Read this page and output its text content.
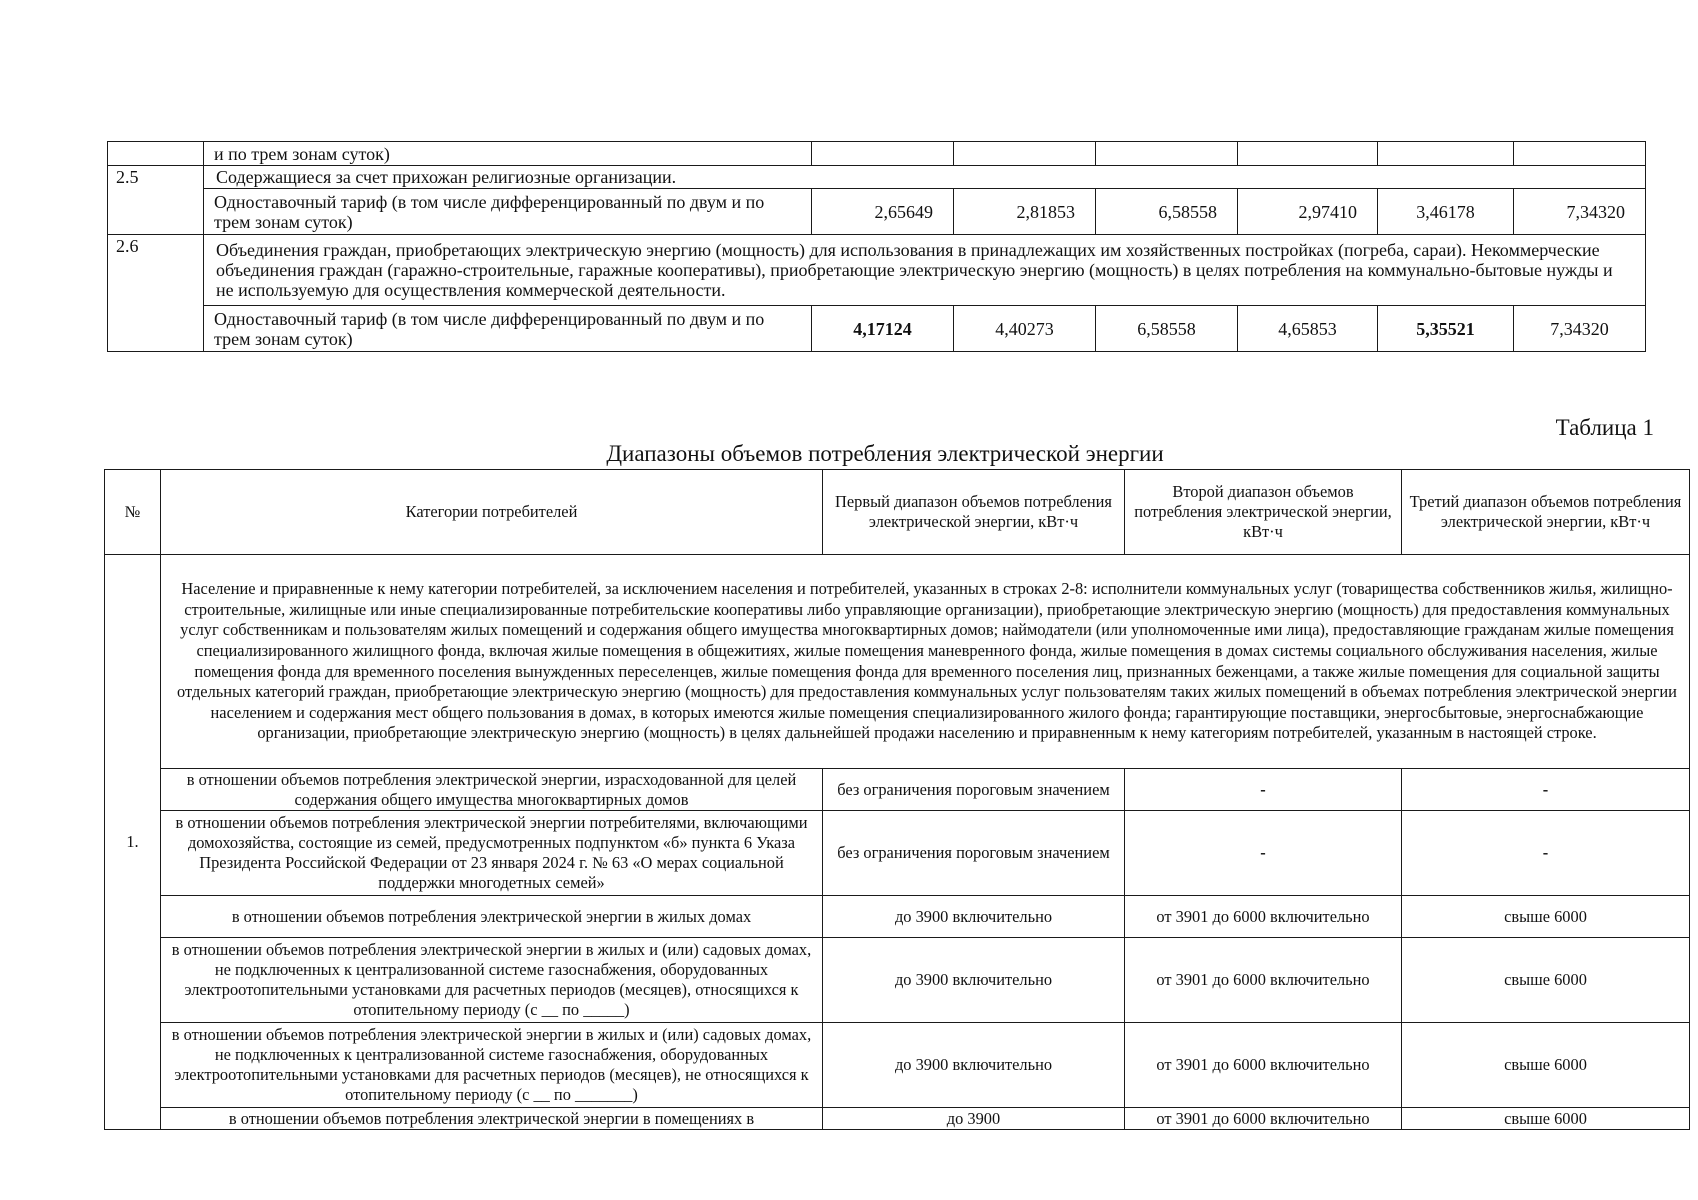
	и по трем зонам суток)						
2.5	Содержащиеся за счет прихожан религиозные организации.						
	Одноставочный тариф (в том числе дифференцированный по двум и по трем зонам суток)	2,65649	2,81853	6,58558	2,97410	3,46178	7,34320
2.6	Объединения граждан, приобретающих электрическую энергию (мощность) для использования в принадлежащих им хозяйственных постройках (погреба, сараи). Некоммерческие объединения граждан (гаражно-строительные, гаражные кооперативы), приобретающие электрическую энергию (мощность) в целях потребления на коммунально-бытовые нужды и не используемую для осуществления коммерческой деятельности.						
	Одноставочный тариф (в том числе дифференцированный по двум и по трем зонам суток)	4,17124	4,40273	6,58558	4,65853	5,35521	7,34320
Таблица 1
Диапазоны объемов потребления электрической энергии
№	Категории потребителей	Первый диапазон объемов потребления электрической энергии, кВт·ч	Второй диапазон объемов потребления электрической энергии, кВт·ч	Третий диапазон объемов потребления электрической энергии, кВт·ч
1.	Население и приравненные к нему категории потребителей, за исключением населения и потребителей, указанных в строках 2-8: исполнители коммунальных услуг (товарищества собственников жилья, жилищно-строительные, жилищные или иные специализированные потребительские кооперативы либо управляющие организации), приобретающие электрическую энергию (мощность) для предоставления коммунальных услуг собственникам и пользователям жилых помещений и содержания общего имущества многоквартирных домов; наймодатели (или уполномоченные ими лица), предоставляющие гражданам жилые помещения специализированного жилищного фонда, включая жилые помещения в общежитиях, жилые помещения маневренного фонда, жилые помещения в домах системы социального обслуживания населения, жилые помещения фонда для временного поселения вынужденных переселенцев, жилые помещения фонда для временного поселения лиц, признанных беженцами, а также жилые помещения для социальной защиты отдельных категорий граждан, приобретающие электрическую энергию (мощность) для предоставления коммунальных услуг пользователям таких жилых помещений в объемах потребления электрической энергии населением и содержания мест общего пользования в домах, в которых имеются жилые помещения специализированного жилого фонда; гарантирующие поставщики, энергосбытовые, энергоснабжающие организации, приобретающие электрическую энергию (мощность) в целях дальнейшей продажи населению и приравненным к нему категориям потребителей, указанным в настоящей строке.			
	в отношении объемов потребления электрической энергии, израсходованной для целей содержания общего имущества многоквартирных домов	без ограничения пороговым значением	-	-
	в отношении объемов потребления электрической энергии потребителями, включающими домохозяйства, состоящие из семей, предусмотренных подпунктом «б» пункта 6 Указа Президента Российской Федерации от 23 января 2024 г. № 63 «О мерах социальной поддержки многодетных семей»	без ограничения пороговым значением	-	-
	в отношении объемов потребления электрической энергии в жилых домах	до 3900 включительно	от 3901 до 6000 включительно	свыше 6000
	в отношении объемов потребления электрической энергии в жилых и (или) садовых домах, не подключенных к централизованной системе газоснабжения, оборудованных электроотопительными установками для расчетных периодов (месяцев), относящихся к отопительному периоду (с __ по _____)	до 3900 включительно	от 3901 до 6000 включительно	свыше 6000
	в отношении объемов потребления электрической энергии в жилых и (или) садовых домах, не подключенных к централизованной системе газоснабжения, оборудованных электроотопительными установками для расчетных периодов (месяцев), не относящихся к отопительному периоду (с __ по _______)	до 3900 включительно	от 3901 до 6000 включительно	свыше 6000
	в отношении объемов потребления электрической энергии в помещениях в	до 3900	от 3901 до 6000 включительно	свыше 6000
